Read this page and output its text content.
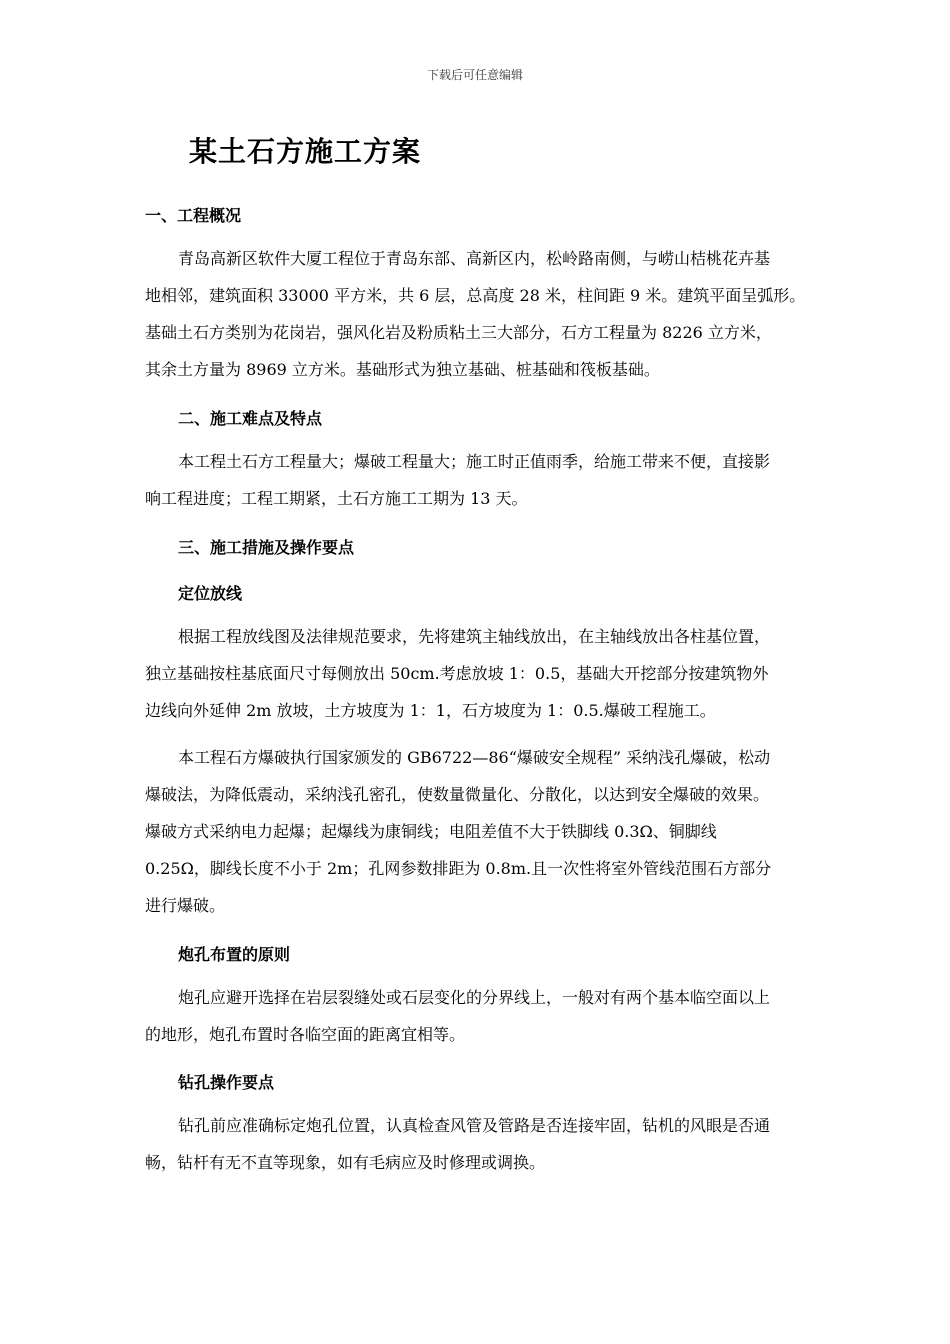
下载后可任意编辑
某土石方施工方案
一、工程概况
青岛高新区软件大厦工程位于青岛东部、高新区内，松岭路南侧，与崂山桔桃花卉基
地相邻，建筑面积 33000 平方米，共 6 层，总高度 28 米，柱间距 9 米。建筑平面呈弧形。
基础土石方类别为花岗岩，强风化岩及粉质粘土三大部分，石方工程量为 8226 立方米，
其余土方量为 8969 立方米。基础形式为独立基础、桩基础和筏板基础。
二、施工难点及特点
本工程土石方工程量大；爆破工程量大；施工时正值雨季，给施工带来不便，直接影
响工程进度；工程工期紧，土石方施工工期为 13 天。
三、施工措施及操作要点
定位放线
根据工程放线图及法律规范要求，先将建筑主轴线放出，在主轴线放出各柱基位置，
独立基础按柱基底面尺寸每侧放出 50cm.考虑放坡 1：0.5，基础大开挖部分按建筑物外
边线向外延伸 2m 放坡，土方坡度为 1：1，石方坡度为 1：0.5.爆破工程施工。
本工程石方爆破执行国家颁发的 GB6722—86“爆破安全规程” 采纳浅孔爆破，松动
爆破法，为降低震动，采纳浅孔密孔，使数量微量化、分散化，以达到安全爆破的效果。
爆破方式采纳电力起爆；起爆线为康铜线；电阻差值不大于铁脚线 0.3Ω、铜脚线
0.25Ω，脚线长度不小于 2m；孔网参数排距为 0.8m.且一次性将室外管线范围石方部分
进行爆破。
炮孔布置的原则
炮孔应避开选择在岩层裂缝处或石层变化的分界线上，一般对有两个基本临空面以上
的地形，炮孔布置时各临空面的距离宜相等。
钻孔操作要点
钻孔前应准确标定炮孔位置，认真检查风管及管路是否连接牢固，钻机的风眼是否通
畅，钻杆有无不直等现象，如有毛病应及时修理或调换。
